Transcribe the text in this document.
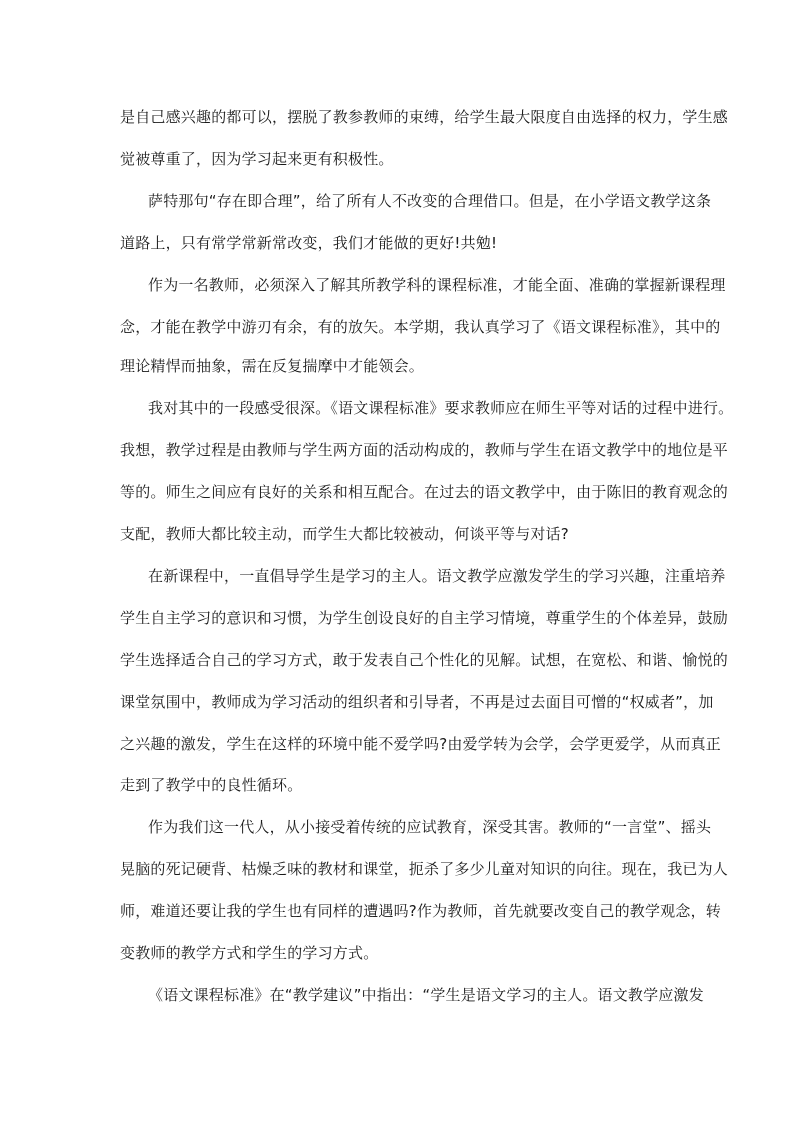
是自己感兴趣的都可以，摆脱了教参教师的束缚，给学生最大限度自由选择的权力，学生感
觉被尊重了，因为学习起来更有积极性。
萨特那句“存在即合理”，给了所有人不改变的合理借口。但是，在小学语文教学这条
道路上，只有常学常新常改变，我们才能做的更好!共勉!
作为一名教师，必须深入了解其所教学科的课程标准，才能全面、准确的掌握新课程理
念，才能在教学中游刃有余，有的放矢。本学期，我认真学习了《语文课程标准》，其中的
理论精悍而抽象，需在反复揣摩中才能领会。
我对其中的一段感受很深。《语文课程标准》要求教师应在师生平等对话的过程中进行。
我想，教学过程是由教师与学生两方面的活动构成的，教师与学生在语文教学中的地位是平
等的。师生之间应有良好的关系和相互配合。在过去的语文教学中，由于陈旧的教育观念的
支配，教师大都比较主动，而学生大都比较被动，何谈平等与对话?
在新课程中，一直倡导学生是学习的主人。语文教学应激发学生的学习兴趣，注重培养
学生自主学习的意识和习惯，为学生创设良好的自主学习情境，尊重学生的个体差异，鼓励
学生选择适合自己的学习方式，敢于发表自己个性化的见解。试想，在宽松、和谐、愉悦的
课堂氛围中，教师成为学习活动的组织者和引导者，不再是过去面目可憎的“权威者”，加
之兴趣的激发，学生在这样的环境中能不爱学吗?由爱学转为会学，会学更爱学，从而真正
走到了教学中的良性循环。
作为我们这一代人，从小接受着传统的应试教育，深受其害。教师的“一言堂”、摇头
晃脑的死记硬背、枯燥乏味的教材和课堂，扼杀了多少儿童对知识的向往。现在，我已为人
师，难道还要让我的学生也有同样的遭遇吗?作为教师，首先就要改变自己的教学观念，转
变教师的教学方式和学生的学习方式。
《语文课程标准》在“教学建议”中指出：“学生是语文学习的主人。语文教学应激发
